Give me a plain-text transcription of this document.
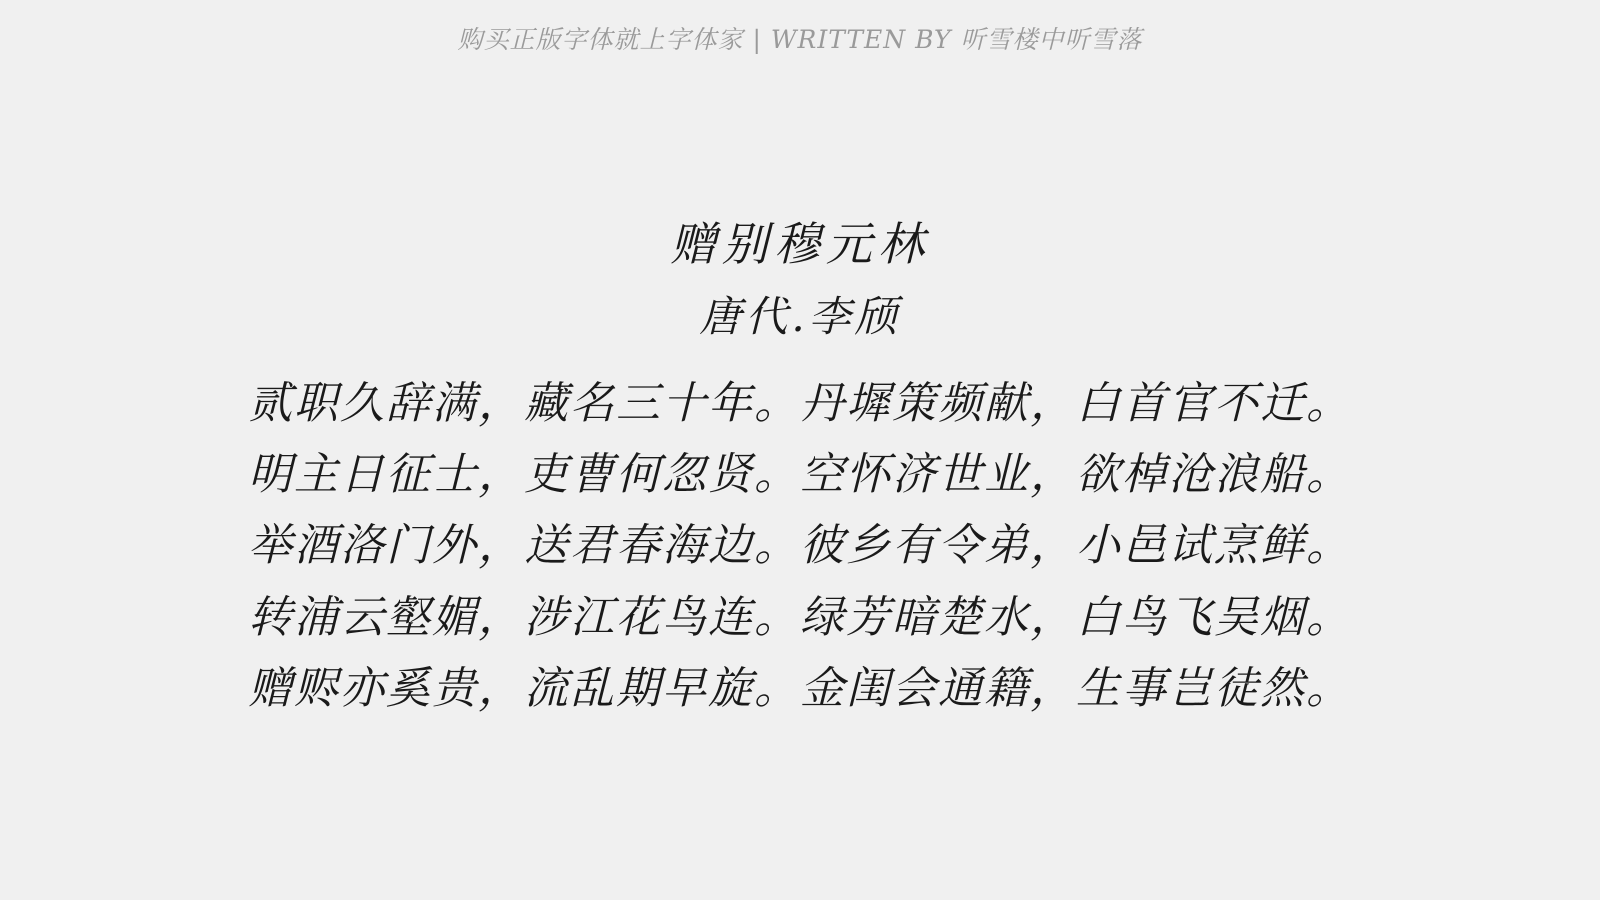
购买正版字体就上字体家 | WRITTEN BY 听雪楼中听雪落
赠别穆元林
唐代.李颀
贰职久辞满，藏名三十年。丹墀策频献，白首官不迁。
明主日征士，吏曹何忽贤。空怀济世业，欲棹沧浪船。
举酒洛门外，送君春海边。彼乡有令弟，小邑试烹鲜。
转浦云壑媚，涉江花鸟连。绿芳暗楚水，白鸟飞吴烟。
赠赆亦奚贵，流乱期早旋。金闺会通籍，生事岂徒然。
